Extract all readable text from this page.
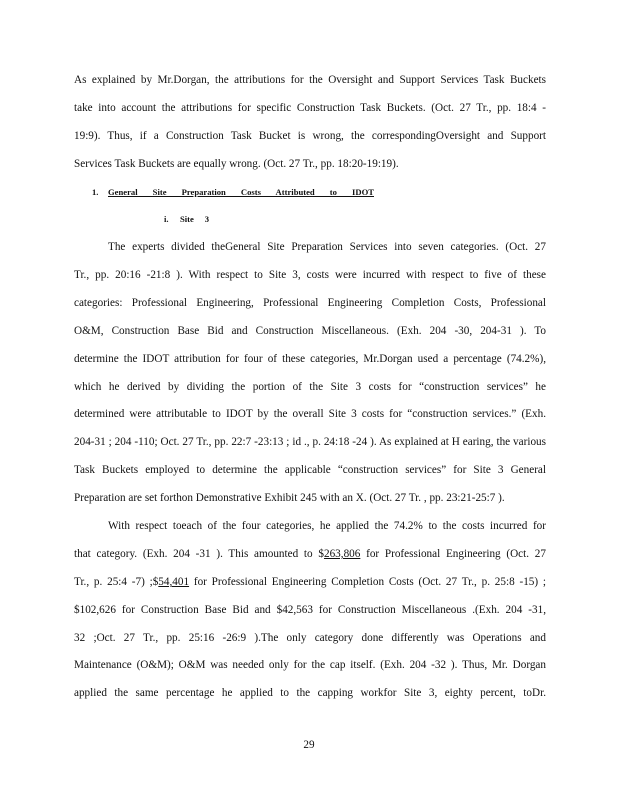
As explained by Mr.Dorgan, the attributions for the Oversight and Support Services Task Buckets
take into account the attributions for specific Construction Task Buckets. (Oct. 27 Tr., pp. 18:4 -
19:9). Thus, if a Construction Task Bucket is wrong, the correspondingOversight and Support
Services Task Buckets are equally wrong. (Oct. 27 Tr., pp. 18:20-19:19).
1. General Site Preparation Costs Attributed to IDOT
i. Site 3
The experts divided theGeneral Site Preparation Services into seven categories. (Oct. 27
Tr., pp. 20:16 -21:8 ). With respect to Site 3, costs were incurred with respect to five of these
categories: Professional Engineering, Professional Engineering Completion Costs, Professional
O&M, Construction Base Bid and Construction Miscellaneous. (Exh. 204 -30, 204-31 ). To
determine the IDOT attribution for four of these categories, Mr.Dorgan used a percentage (74.2%),
which he derived by dividing the portion of the Site 3 costs for “construction services” he
determined were attributable to IDOT by the overall Site 3 costs for “construction services.” (Exh.
204-31 ; 204 -110; Oct. 27 Tr., pp. 22:7 -23:13 ; id ., p. 24:18 -24 ). As explained at H earing, the various
Task Buckets employed to determine the applicable “construction services” for Site 3 General
Preparation are set forthon Demonstrative Exhibit 245 with an X. (Oct. 27 Tr. , pp. 23:21-25:7 ).
With respect toeach of the four categories, he applied the 74.2% to the costs incurred for
that category. (Exh. 204 -31 ). This amounted to $263,806 for Professional Engineering (Oct. 27
Tr., p. 25:4 -7) ;$54,401 for Professional Engineering Completion Costs (Oct. 27 Tr., p. 25:8 -15) ;
$102,626 for Construction Base Bid and $42,563 for Construction Miscellaneous .(Exh. 204 -31,
32 ;Oct. 27 Tr., pp. 25:16 -26:9 ).The only category done differently was Operations and
Maintenance (O&M); O&M was needed only for the cap itself. (Exh. 204 -32 ). Thus, Mr. Dorgan
applied the same percentage he applied to the capping workfor Site 3, eighty percent, toDr.
29
